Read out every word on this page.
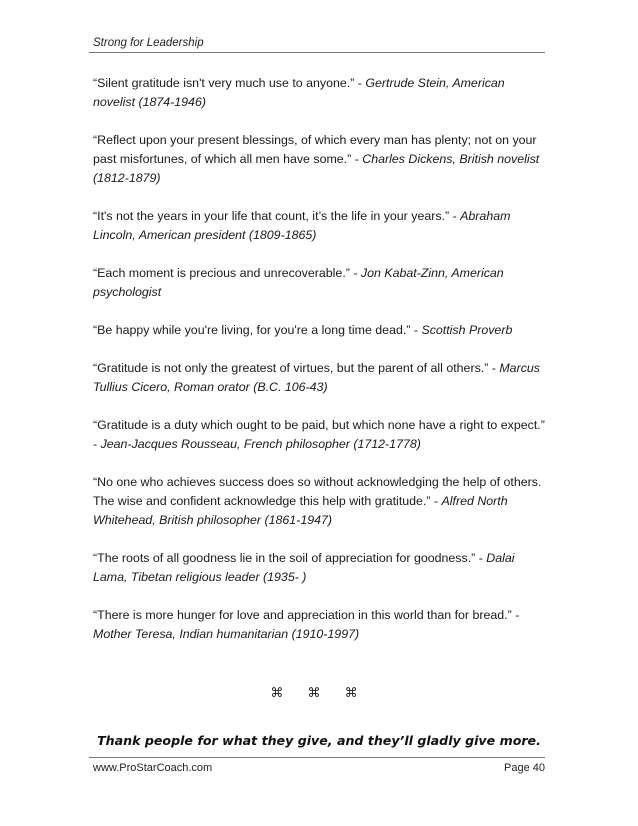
Strong for Leadership

“Silent gratitude isn't very much use to anyone.” - Gertrude Stein, American novelist (1874-1946)

“Reflect upon your present blessings, of which every man has plenty; not on your past misfortunes, of which all men have some.” - Charles Dickens, British novelist (1812-1879)

“It's not the years in your life that count, it’s the life in your years.” - Abraham Lincoln, American president (1809-1865)

“Each moment is precious and unrecoverable.” - Jon Kabat-Zinn, American psychologist

“Be happy while you're living, for you're a long time dead.” - Scottish Proverb

“Gratitude is not only the greatest of virtues, but the parent of all others.” - Marcus Tullius Cicero, Roman orator (B.C. 106-43)

“Gratitude is a duty which ought to be paid, but which none have a right to expect.” - Jean-Jacques Rousseau, French philosopher (1712-1778)

“No one who achieves success does so without acknowledging the help of others. The wise and confident acknowledge this help with gratitude.” - Alfred North Whitehead, British philosopher (1861-1947)

“The roots of all goodness lie in the soil of appreciation for goodness.” - Dalai Lama, Tibetan religious leader (1935- )

“There is more hunger for love and appreciation in this world than for bread.” - Mother Teresa, Indian humanitarian (1910-1997)

⌘ ⌘ ⌘
Thank people for what they give, and they’ll gladly give more.
www.ProStarCoach.com	Page 40
